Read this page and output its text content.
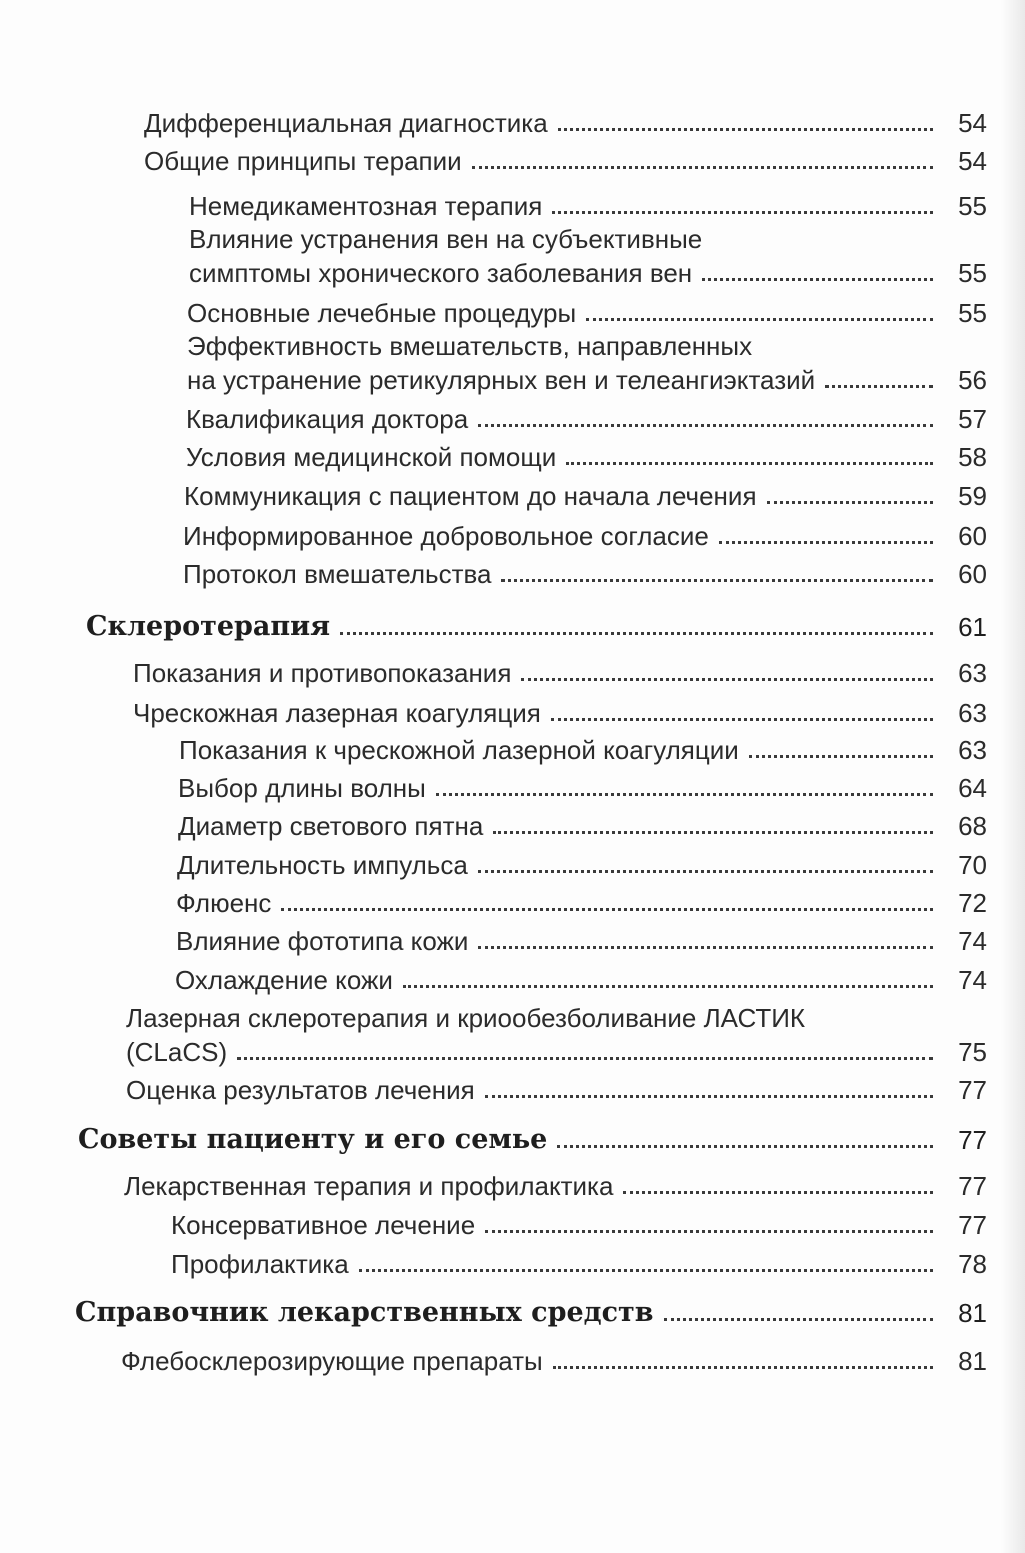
Дифференциальная диагностика	54
Общие принципы терапии	54
Немедикаментозная терапия	55
Влияние устранения вен на субъективные
симптомы хронического заболевания вен	55
Основные лечебные процедуры	55
Эффективность вмешательств, направленных
на устранение ретикулярных вен и телеангиэктазий	56
Квалификация доктора	57
Условия медицинской помощи	58
Коммуникация с пациентом до начала лечения	59
Информированное добровольное согласие	60
Протокол вмешательства	60
Склеротерапия	61
Показания и противопоказания	63
Чрескожная лазерная коагуляция	63
Показания к чрескожной лазерной коагуляции	63
Выбор длины волны	64
Диаметр светового пятна	68
Длительность импульса	70
Флюенс	72
Влияние фототипа кожи	74
Охлаждение кожи	74
Лазерная склеротерапия и криообезболивание ЛАСТИК
(CLaCS)	75
Оценка результатов лечения	77
Советы пациенту и его семье	77
Лекарственная терапия и профилактика	77
Консервативное лечение	77
Профилактика	78
Справочник лекарственных средств	81
Флебосклерозирующие препараты	81
